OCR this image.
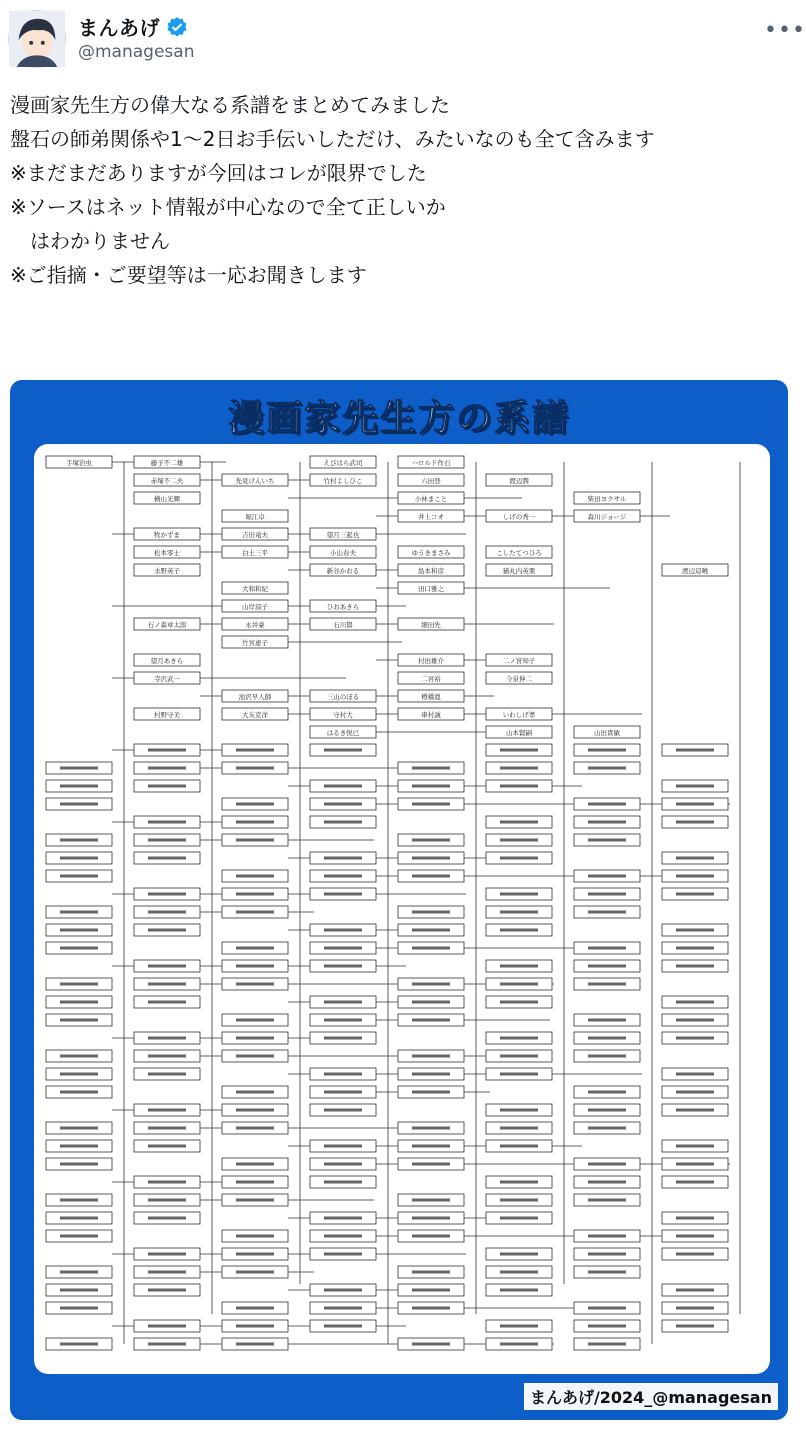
まんあげ
@managesan
•••

漫画家先生方の偉大なる系譜をまとめてみました

盤石の師弟関係や1～2日お手伝いしただけ、みたいなのも全て含みます

※まだまだありますが今回はコレが限界でした

※ソースはネット情報が中心なので全て正しいか

　はわかりません

※ご指摘・ご要望等は一応お聞きします

漫画家先生方の系譜
手塚治虫	藤子不二雄
赤塚不二夫
横山光輝
牧かずま
松本零士
水野英子
石ノ森章太郎
望月あきら
寺沢武一
村野守美
先見けんいち
堀江卓
吉田竜夫
白土三平
大和和紀
山岸涼子
永井豪
竹宮恵子
池沢早人師
大友克洋
えびはら武司
竹村よしひこ
望月三起也
小山春夫
新谷かおる
ひおあきら
石川賢
三山のぼる
守村大
はるき悦巳
ハロルド作石
六田登
小林まこと
井上コオ
ゆうきまさみ
島本和彦
田口雅之
細田先
村田雄介
二宮裕
樽橋寛
車村誠
渡辺潤
しげの秀一
こしたてつひろ
猫丸内英栗
二ノ宮知子
今泉伸二
いわしげ孝
山本賢嗣
柴田ヨクサル
森川ジョージ
渡辺這曉
山田貴敏
まんあげ/2024_@managesan
